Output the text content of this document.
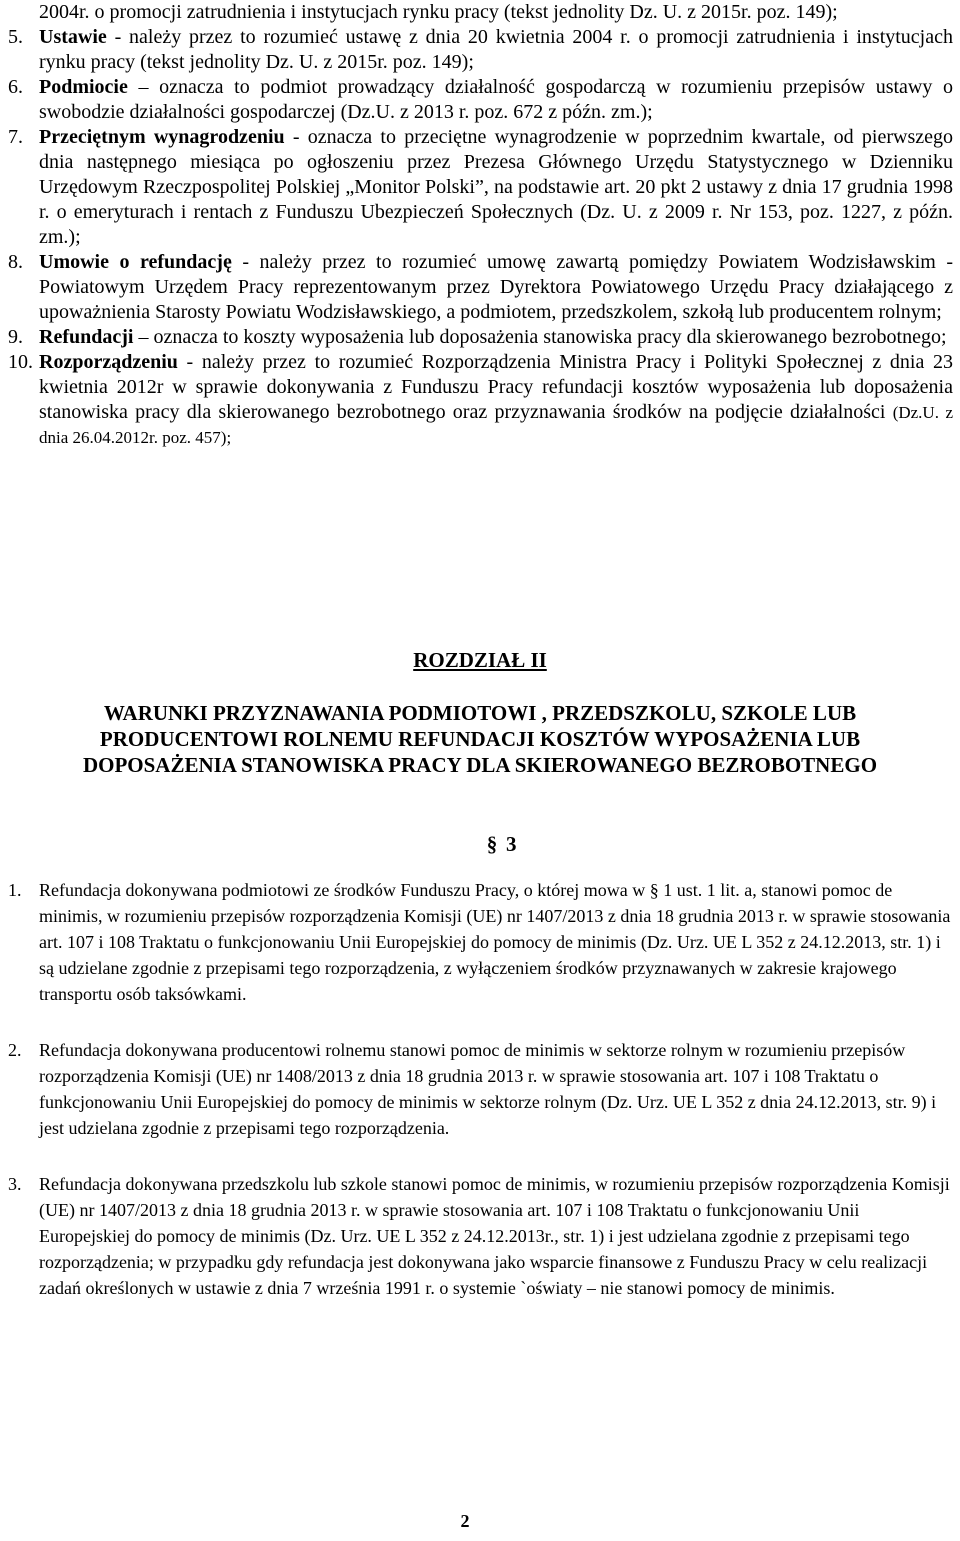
2004r. o promocji zatrudnienia i instytucjach rynku pracy (tekst jednolity Dz. U. z 2015r. poz. 149);
5. Ustawie - należy przez to rozumieć ustawę z dnia 20 kwietnia 2004 r. o promocji zatrudnienia i instytucjach rynku pracy (tekst jednolity Dz. U. z 2015r. poz. 149);
6. Podmiocie – oznacza to podmiot prowadzący działalność gospodarczą w rozumieniu przepisów ustawy o swobodzie działalności gospodarczej (Dz.U. z 2013 r. poz. 672 z późn. zm.);
7. Przeciętnym wynagrodzeniu - oznacza to przeciętne wynagrodzenie w poprzednim kwartale, od pierwszego dnia następnego miesiąca po ogłoszeniu przez Prezesa Głównego Urzędu Statystycznego w Dzienniku Urzędowym Rzeczpospolitej Polskiej „Monitor Polski”, na podstawie art. 20 pkt 2 ustawy z dnia 17 grudnia 1998 r. o emeryturach i rentach z Funduszu Ubezpieczeń Społecznych (Dz. U. z 2009 r. Nr 153, poz. 1227, z późn. zm.);
8. Umowie o refundację - należy przez to rozumieć umowę zawartą pomiędzy Powiatem Wodzisławskim - Powiatowym Urzędem Pracy reprezentowanym przez Dyrektora Powiatowego Urzędu Pracy działającego z upoważnienia Starosty Powiatu Wodzisławskiego, a podmiotem, przedszkolem, szkołą lub producentem rolnym;
9. Refundacji – oznacza to koszty wyposażenia lub doposażenia stanowiska pracy dla skierowanego bezrobotnego;
10. Rozporządzeniu - należy przez to rozumieć Rozporządzenia Ministra Pracy i Polityki Społecznej z dnia 23 kwietnia 2012r w sprawie dokonywania z Funduszu Pracy refundacji kosztów wyposażenia lub doposażenia stanowiska pracy dla skierowanego bezrobotnego oraz przyznawania środków na podjęcie działalności (Dz.U. z dnia 26.04.2012r. poz. 457);
ROZDZIAŁ II
WARUNKI PRZYZNAWANIA PODMIOTOWI , PRZEDSZKOLU, SZKOLE LUB
PRODUCENTOWI ROLNEMU REFUNDACJI KOSZTÓW WYPOSAŻENIA LUB
DOPOSAŻENIA STANOWISKA PRACY DLA SKIEROWANEGO BEZROBOTNEGO
§ 3
1. Refundacja dokonywana podmiotowi ze środków Funduszu Pracy, o której mowa w § 1 ust. 1 lit. a, stanowi pomoc de minimis, w rozumieniu przepisów rozporządzenia Komisji (UE) nr 1407/2013 z dnia 18 grudnia 2013 r. w sprawie stosowania art. 107 i 108 Traktatu o funkcjonowaniu Unii Europejskiej do pomocy de minimis (Dz. Urz. UE L 352 z 24.12.2013, str. 1) i są udzielane zgodnie z przepisami tego rozporządzenia, z wyłączeniem środków przyznawanych w zakresie krajowego transportu osób taksówkami.
2. Refundacja dokonywana producentowi rolnemu stanowi pomoc de minimis w sektorze rolnym w rozumieniu przepisów rozporządzenia Komisji (UE) nr 1408/2013 z dnia 18 grudnia 2013 r. w sprawie stosowania art. 107 i 108 Traktatu o funkcjonowaniu Unii Europejskiej do pomocy de minimis w sektorze rolnym (Dz. Urz. UE L 352 z dnia 24.12.2013, str. 9) i jest udzielana zgodnie z przepisami tego rozporządzenia.
3. Refundacja dokonywana przedszkolu lub szkole stanowi pomoc de minimis, w rozumieniu przepisów rozporządzenia Komisji (UE) nr 1407/2013 z dnia 18 grudnia 2013 r. w sprawie stosowania art. 107 i 108 Traktatu o funkcjonowaniu Unii Europejskiej do pomocy de minimis (Dz. Urz. UE L 352 z 24.12.2013r., str. 1) i jest udzielana zgodnie z przepisami tego rozporządzenia; w przypadku gdy refundacja jest dokonywana jako wsparcie finansowe z Funduszu Pracy w celu realizacji zadań określonych w ustawie z dnia 7 września 1991 r. o systemie `oświaty – nie stanowi pomocy de minimis.
2
